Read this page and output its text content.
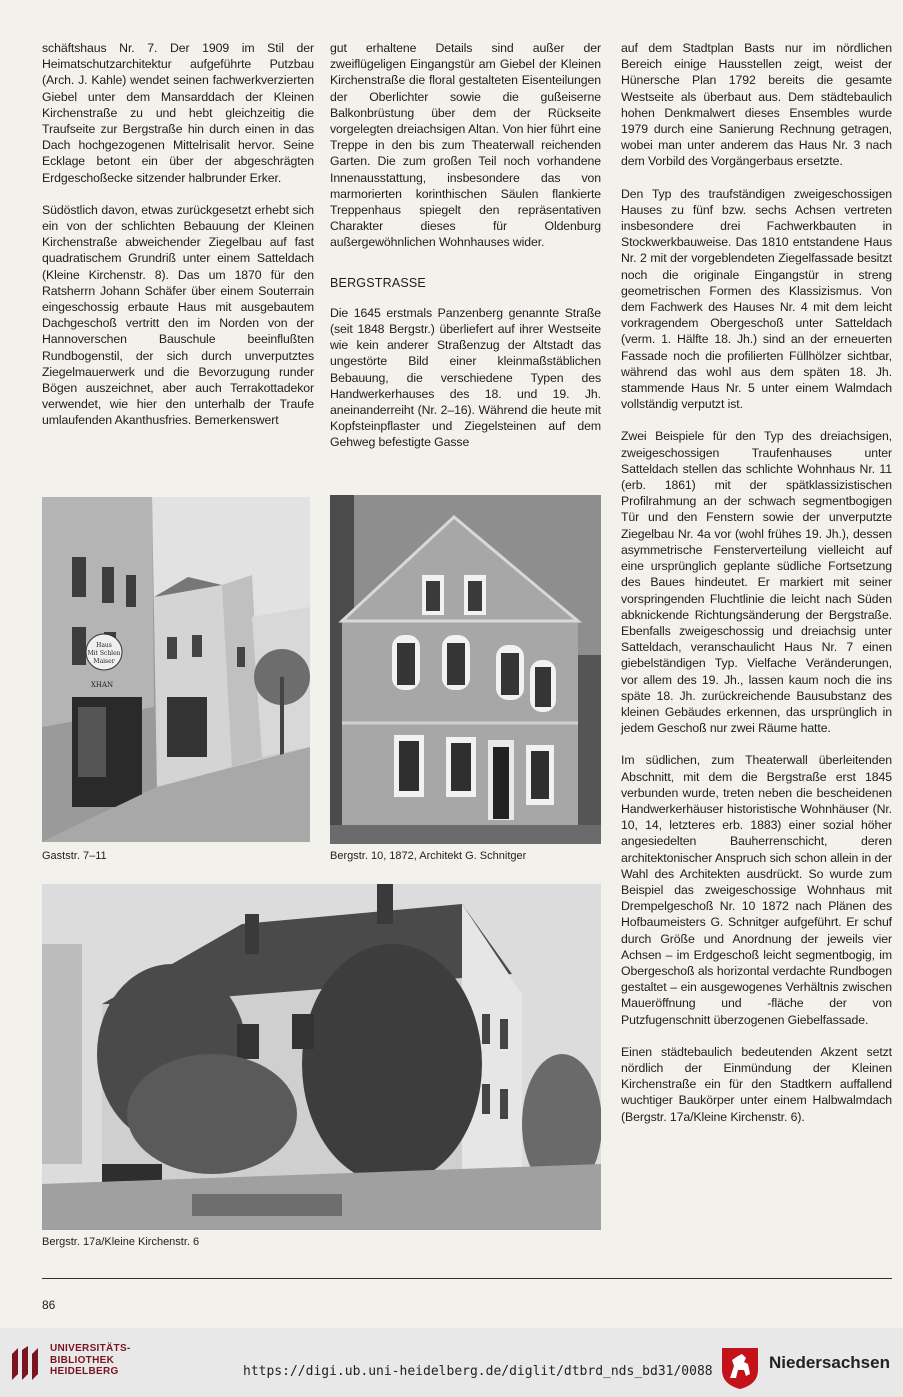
schäftshaus Nr. 7. Der 1909 im Stil der Heimatschutzarchitektur aufgeführte Putzbau (Arch. J. Kahle) wendet seinen fachwerkverzierten Giebel unter dem Mansarddach der Kleinen Kirchenstraße zu und hebt gleichzeitig die Traufseite zur Bergstraße hin durch einen in das Dach hochgezogenen Mittelrisalit hervor. Seine Ecklage betont ein über der abgeschrägten Erdgeschoßecke sitzender halbrunder Erker.

Südöstlich davon, etwas zurückgesetzt erhebt sich ein von der schlichten Bebauung der Kleinen Kirchenstraße abweichender Ziegelbau auf fast quadratischem Grundriß unter einem Satteldach (Kleine Kirchenstr. 8). Das um 1870 für den Ratsherrn Johann Schäfer über einem Souterrain eingeschossig erbaute Haus mit ausgebautem Dachgeschoß vertritt den im Norden von der Hannoverschen Bauschule beeinflußten Rundbogenstil, der sich durch unverputztes Ziegelmauerwerk und die Bevorzugung runder Bögen auszeichnet, aber auch Terrakottadekor verwendet, wie hier den unterhalb der Traufe umlaufenden Akanthusfries. Bemerkenswert

gut erhaltene Details sind außer der zweiflügeligen Eingangstür am Giebel der Kleinen Kirchenstraße die floral gestalteten Eisenteilungen der Oberlichter sowie die gußeiserne Balkonbrüstung über dem der Rückseite vorgelegten dreiachsigen Altan. Von hier führt eine Treppe in den bis zum Theaterwall reichenden Garten. Die zum großen Teil noch vorhandene Innenausstattung, insbesondere das von marmorierten korinthischen Säulen flankierte Treppenhaus spiegelt den repräsentativen Charakter dieses für Oldenburg außergewöhnlichen Wohnhauses wider.

BERGSTRASSE

Die 1645 erstmals Panzenberg genannte Straße (seit 1848 Bergstr.) überliefert auf ihrer Westseite wie kein anderer Straßenzug der Altstadt das ungestörte Bild einer kleinmaßstäblichen Bebauung, die verschiedene Typen des Handwerkerhauses des 18. und 19. Jh. aneinanderreiht (Nr. 2–16). Während die heute mit Kopfsteinpflaster und Ziegelsteinen auf dem Gehweg befestigte Gasse

auf dem Stadtplan Basts nur im nördlichen Bereich einige Hausstellen zeigt, weist der Hünersche Plan 1792 bereits die gesamte Westseite als überbaut aus. Dem städtebaulich hohen Denkmalwert dieses Ensembles wurde 1979 durch eine Sanierung Rechnung getragen, wobei man unter anderem das Haus Nr. 3 nach dem Vorbild des Vorgängerbaus ersetzte.

Den Typ des traufständigen zweigeschossigen Hauses zu fünf bzw. sechs Achsen vertreten insbesondere drei Fachwerkbauten in Stockwerkbauweise. Das 1810 entstandene Haus Nr. 2 mit der vorgeblendeten Ziegelfassade besitzt noch die originale Eingangstür in streng geometrischen Formen des Klassizismus. Von dem Fachwerk des Hauses Nr. 4 mit dem leicht vorkragendem Obergeschoß unter Satteldach (verm. 1. Hälfte 18. Jh.) sind an der erneuerten Fassade noch die profilierten Füllhölzer sichtbar, während das wohl aus dem späten 18. Jh. stammende Haus Nr. 5 unter einem Walmdach vollständig verputzt ist.

Zwei Beispiele für den Typ des dreiachsigen, zweigeschossigen Traufenhauses unter Satteldach stellen das schlichte Wohnhaus Nr. 11 (erb. 1861) mit der spätklassizistischen Profilrahmung an der schwach segmentbogigen Tür und den Fenstern sowie der unverputzte Ziegelbau Nr. 4a vor (wohl frühes 19. Jh.), dessen asymmetrische Fensterverteilung vielleicht auf eine ursprünglich geplante südliche Fortsetzung des Baues hindeutet. Er markiert mit seiner vorspringenden Fluchtlinie die leicht nach Süden abknickende Richtungsänderung der Bergstraße. Ebenfalls zweigeschossig und dreiachsig unter Satteldach, veranschaulicht Haus Nr. 7 einen giebelständigen Typ. Vielfache Veränderungen, vor allem des 19. Jh., lassen kaum noch die ins späte 18. Jh. zurückreichende Bausubstanz des kleinen Gebäudes erkennen, das ursprünglich in jedem Geschoß nur zwei Räume hatte.

Im südlichen, zum Theaterwall überleitenden Abschnitt, mit dem die Bergstraße erst 1845 verbunden wurde, treten neben die bescheidenen Handwerkerhäuser historistische Wohnhäuser (Nr. 10, 14, letzteres erb. 1883) einer sozial höher angesiedelten Bauherrenschicht, deren architektonischer Anspruch sich schon allein in der Wahl des Architekten ausdrückt. So wurde zum Beispiel das zweigeschossige Wohnhaus mit Drempelgeschoß Nr. 10 1872 nach Plänen des Hofbaumeisters G. Schnitger aufgeführt. Er schuf durch Größe und Anordnung der jeweils vier Achsen – im Erdgeschoß leicht segmentbogig, im Obergeschoß als horizontal verdachte Rundbogen gestaltet – ein ausgewogenes Verhältnis zwischen Maueröffnung und -fläche der von Putzfugenschnitt überzogenen Giebelfassade.

Einen städtebaulich bedeutenden Akzent setzt nördlich der Einmündung der Kleinen Kirchenstraße ein für den Stadtkern auffallend wuchtiger Baukörper unter einem Halbwalmdach (Bergstr. 17a/Kleine Kirchenstr. 6).

Haus
Mit Schlen
Maiser
XHAN
Gaststr. 7–11	Bergstr. 10, 1872, Architekt G. Schnitger
Bergstr. 17a/Kleine Kirchenstr. 6
86
UNIVERSITÄTS-
BIBLIOTHEK
HEIDELBERG	https://digi.ub.uni-heidelberg.de/diglit/dtbrd_nds_bd31/0088	Niedersachsen
